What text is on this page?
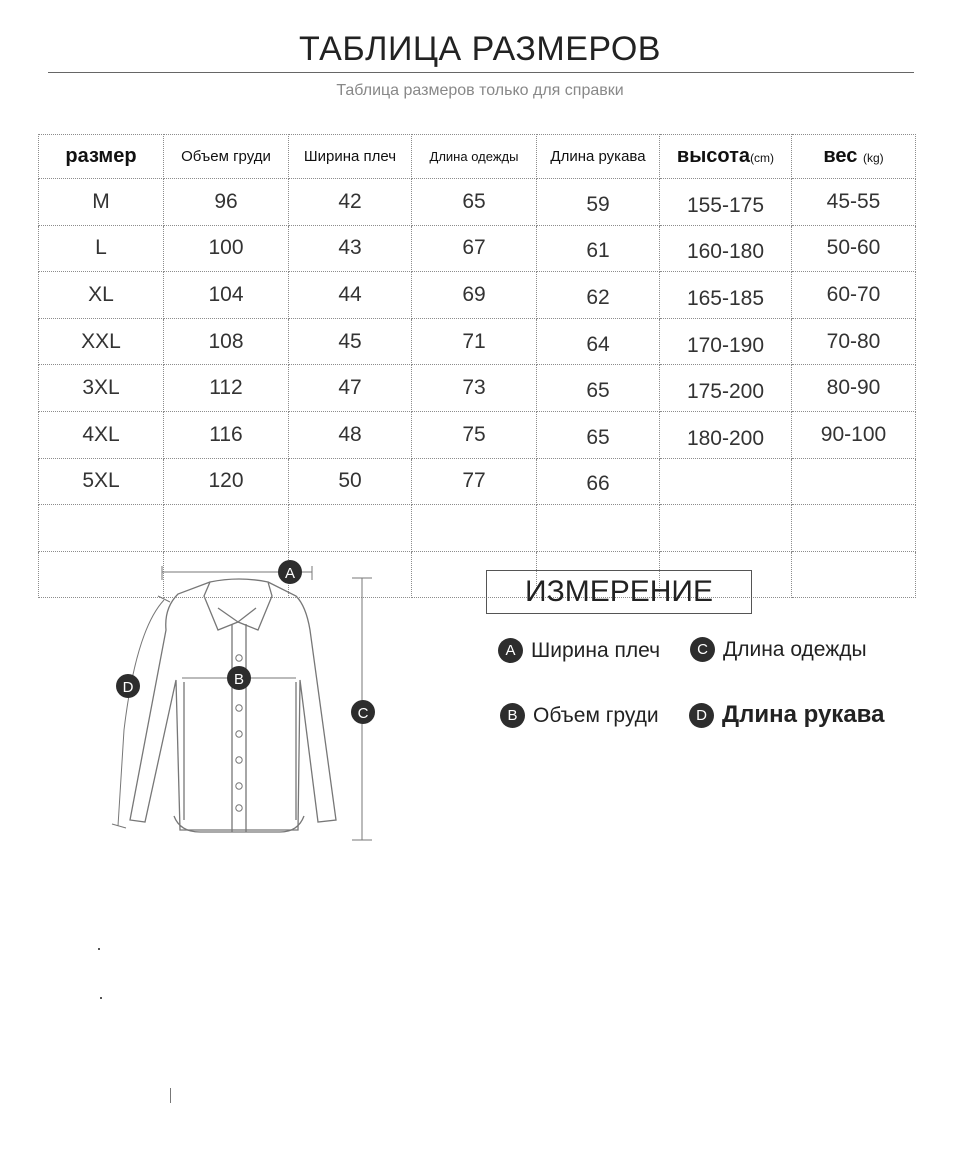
ТАБЛИЦА РАЗМЕРОВ
Таблица размеров только для справки
размер	Объем груди	Ширина плеч	Длина одежды	Длина рукава	высота(cm)	вес (kg)
M	96	42	65	59	155-175	45-55
L	100	43	67	61	160-180	50-60
XL	104	44	69	62	165-185	60-70
XXL	108	45	71	64	170-190	70-80
3XL	112	47	73	65	175-200	80-90
4XL	116	48	75	65	180-200	90-100
5XL	120	50	77	66		

A
B
C
D
ИЗМЕРЕНИЕ
A Ширина плеч	C Длина одежды
B Объем груди	D Длина рукава
